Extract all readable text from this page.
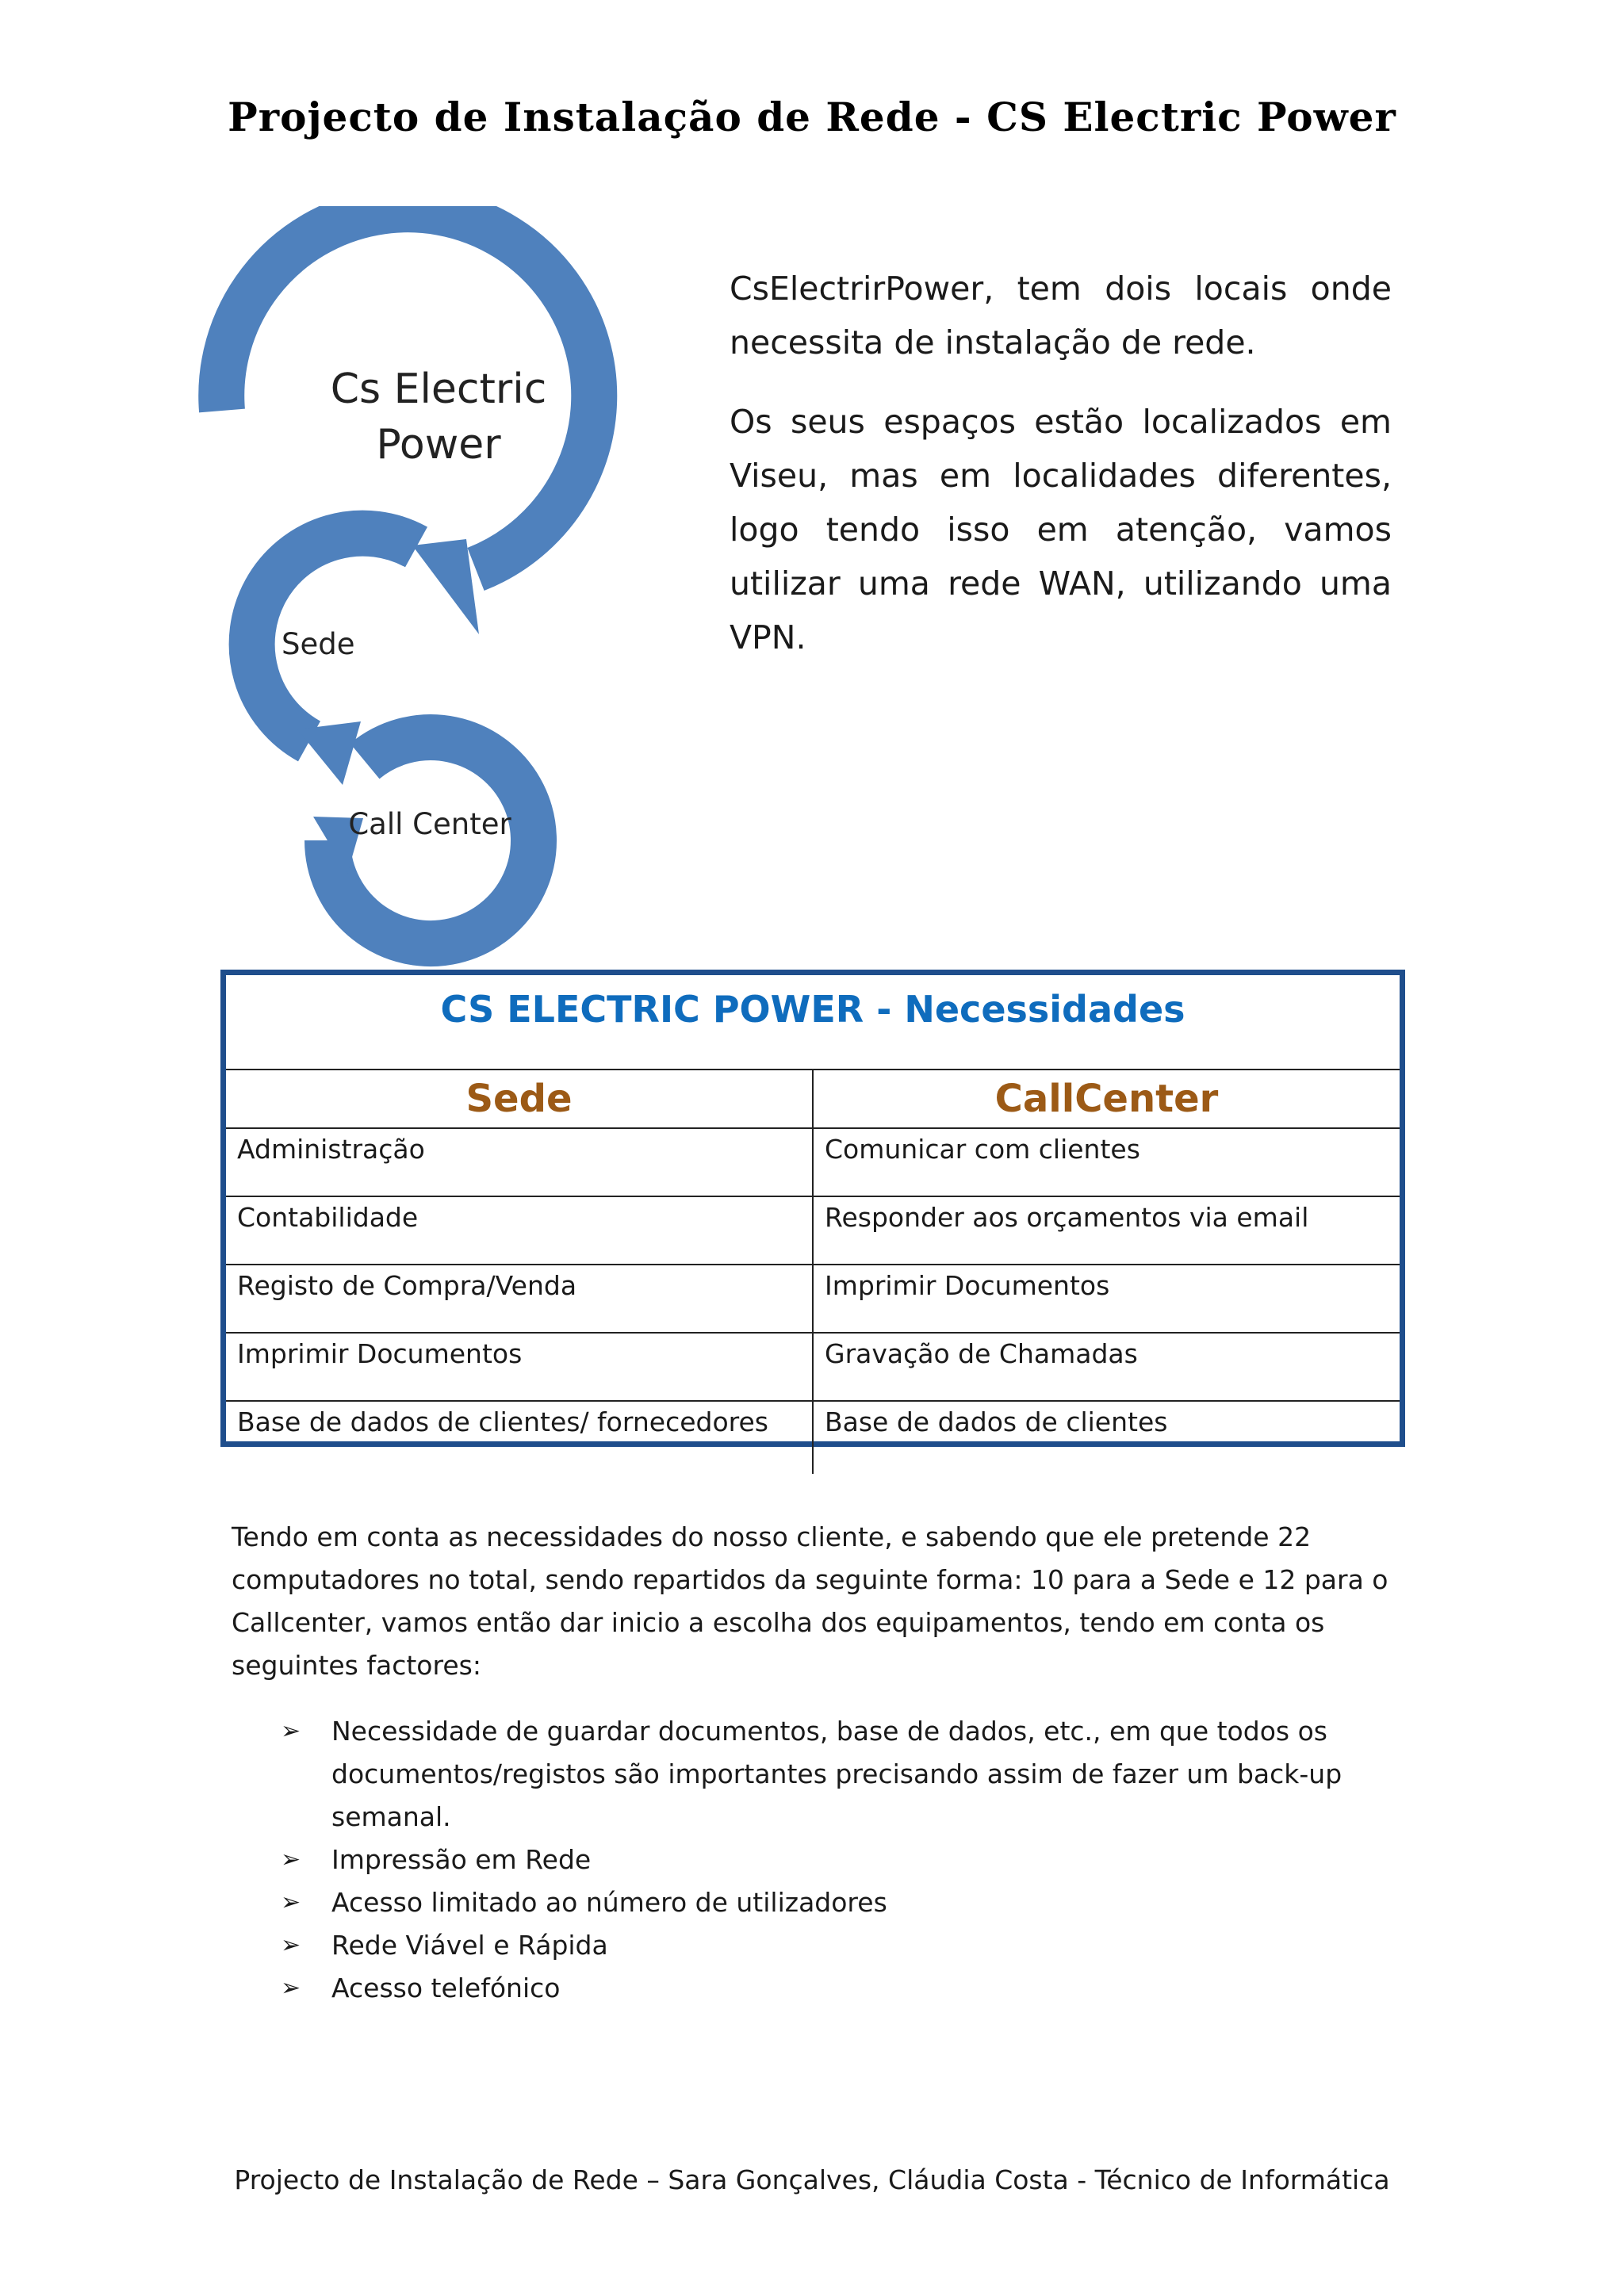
Projecto de Instalação de Rede - CS Electric Power
Cs Electric
Power
Sede
Call Center

CsElectrirPower, tem dois locais onde necessita de instalação de rede.

Os seus espaços estão localizados em Viseu, mas em localidades diferentes, logo tendo isso em atenção, vamos utilizar uma rede WAN, utilizando uma VPN.

CS ELECTRIC POWER - Necessidades
Sede	CallCenter
Administração	Comunicar com clientes
Contabilidade	Responder aos orçamentos via email
Registo de Compra/Venda	Imprimir Documentos
Imprimir Documentos	Gravação de Chamadas
Base de dados de clientes/ fornecedores	Base de dados de clientes
Tendo em conta as necessidades do nosso cliente, e sabendo que ele pretende 22 computadores no total, sendo repartidos da seguinte forma: 10 para a Sede e 12 para o Callcenter, vamos então dar inicio a escolha dos equipamentos, tendo em conta os seguintes factores:
➢ Necessidade de guardar documentos, base de dados, etc., em que todos os documentos/registos são importantes precisando assim de fazer um back-up semanal.
➢ Impressão em Rede
➢ Acesso limitado ao número de utilizadores
➢ Rede Viável e Rápida
➢ Acesso telefónico
Projecto de Instalação de Rede – Sara Gonçalves, Cláudia Costa - Técnico de Informática
